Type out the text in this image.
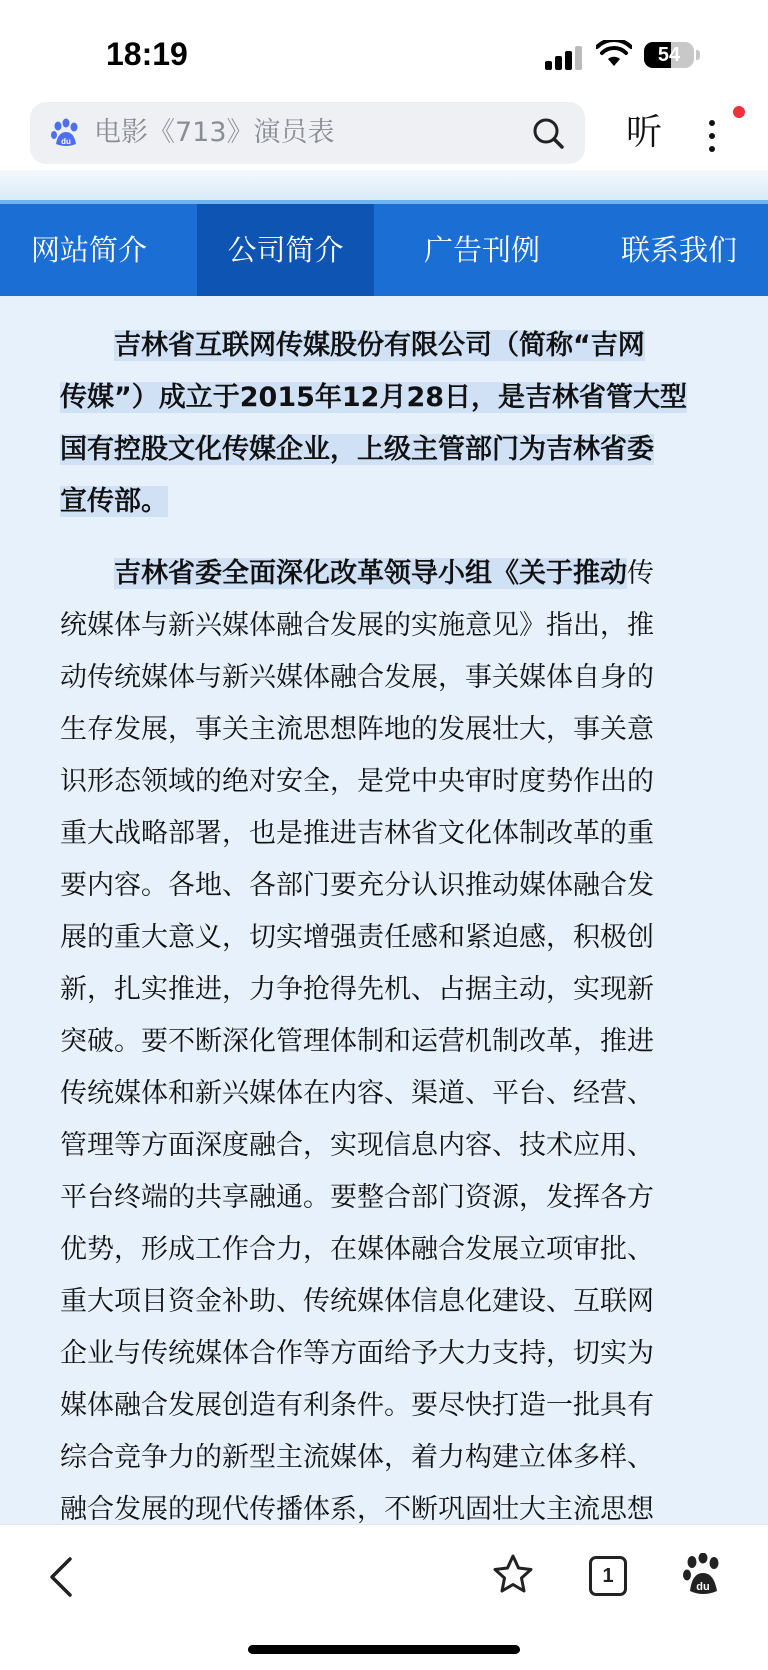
18:19	54
du 电影《713》演员表	听
网站简介	公司简介	广告刊例	联系我们
吉林省互联网传媒股份有限公司（简称“吉网
传媒”）成立于2015年12月28日，是吉林省管大型
国有控股文化传媒企业，上级主管部门为吉林省委
宣传部。
吉林省委全面深化改革领导小组《关于推动传
统媒体与新兴媒体融合发展的实施意见》指出，推
动传统媒体与新兴媒体融合发展，事关媒体自身的
生存发展，事关主流思想阵地的发展壮大，事关意
识形态领域的绝对安全，是党中央审时度势作出的
重大战略部署，也是推进吉林省文化体制改革的重
要内容。各地、各部门要充分认识推动媒体融合发
展的重大意义，切实增强责任感和紧迫感，积极创
新，扎实推进，力争抢得先机、占据主动，实现新
突破。要不断深化管理体制和运营机制改革，推进
传统媒体和新兴媒体在内容、渠道、平台、经营、
管理等方面深度融合，实现信息内容、技术应用、
平台终端的共享融通。要整合部门资源，发挥各方
优势，形成工作合力，在媒体融合发展立项审批、
重大项目资金补助、传统媒体信息化建设、互联网
企业与传统媒体合作等方面给予大力支持，切实为
媒体融合发展创造有利条件。要尽快打造一批具有
综合竞争力的新型主流媒体，着力构建立体多样、
融合发展的现代传播体系，不断巩固壮大主流思想
1	du
